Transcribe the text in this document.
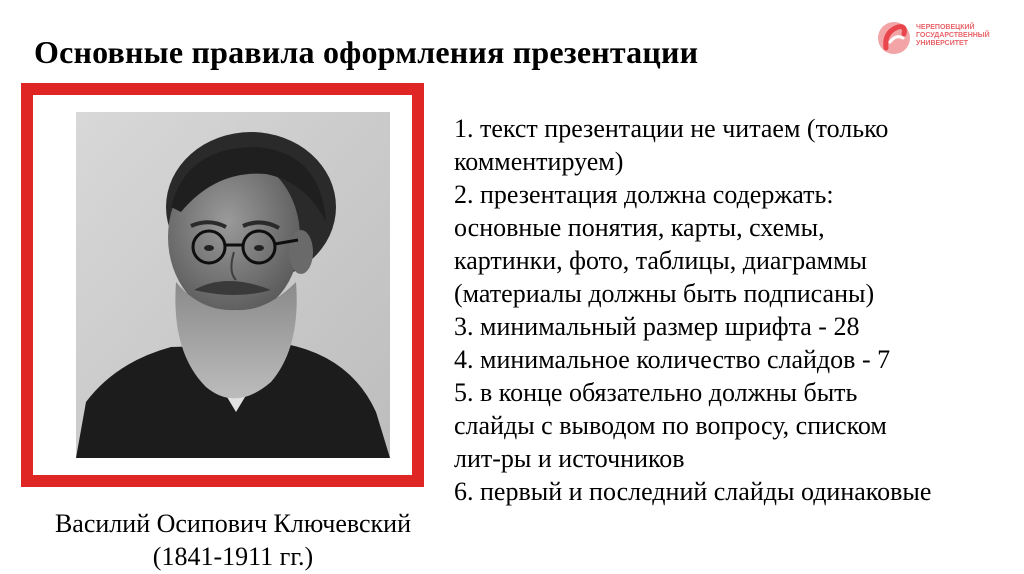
Основные правила оформления презентации
ЧЕРЕПОВЕЦКИЙ
ГОСУДАРСТВЕННЫЙ
УНИВЕРСИТЕТ
Василий Осипович Ключевский
(1841-1911 гг.)
1. текст презентации не читаем (только
комментируем)
2. презентация должна содержать:
основные понятия, карты, схемы,
картинки, фото, таблицы, диаграммы
(материалы должны быть подписаны)
3. минимальный размер шрифта - 28
4. минимальное количество слайдов - 7
5. в конце обязательно должны быть
слайды с выводом по вопросу, списком
лит-ры и источников
6. первый и последний слайды одинаковые
